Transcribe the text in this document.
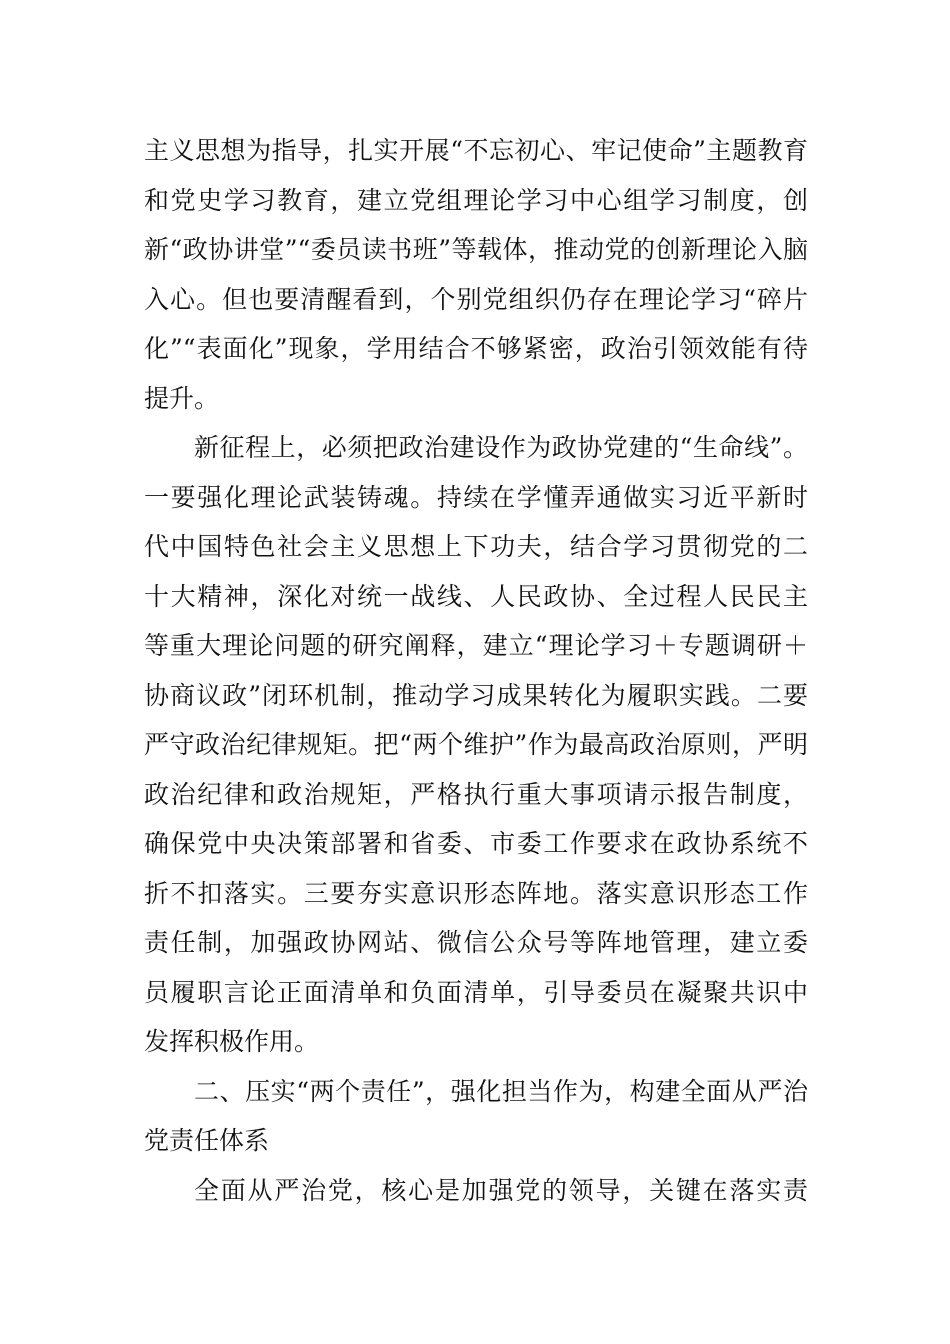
主义思想为指导，扎实开展“不忘初心、牢记使命”主题教育
和党史学习教育，建立党组理论学习中心组学习制度，创
新“政协讲堂”“委员读书班”等载体，推动党的创新理论入脑
入心。但也要清醒看到，个别党组织仍存在理论学习“碎片
化”“表面化”现象，学用结合不够紧密，政治引领效能有待
提升。
新征程上，必须把政治建设作为政协党建的“生命线”。
一要强化理论武装铸魂。持续在学懂弄通做实习近平新时
代中国特色社会主义思想上下功夫，结合学习贯彻党的二
十大精神，深化对统一战线、人民政协、全过程人民民主
等重大理论问题的研究阐释，建立“理论学习＋专题调研＋
协商议政”闭环机制，推动学习成果转化为履职实践。二要
严守政治纪律规矩。把“两个维护”作为最高政治原则，严明
政治纪律和政治规矩，严格执行重大事项请示报告制度，
确保党中央决策部署和省委、市委工作要求在政协系统不
折不扣落实。三要夯实意识形态阵地。落实意识形态工作
责任制，加强政协网站、微信公众号等阵地管理，建立委
员履职言论正面清单和负面清单，引导委员在凝聚共识中
发挥积极作用。
二、压实“两个责任”，强化担当作为，构建全面从严治
党责任体系
全面从严治党，核心是加强党的领导，关键在落实责
